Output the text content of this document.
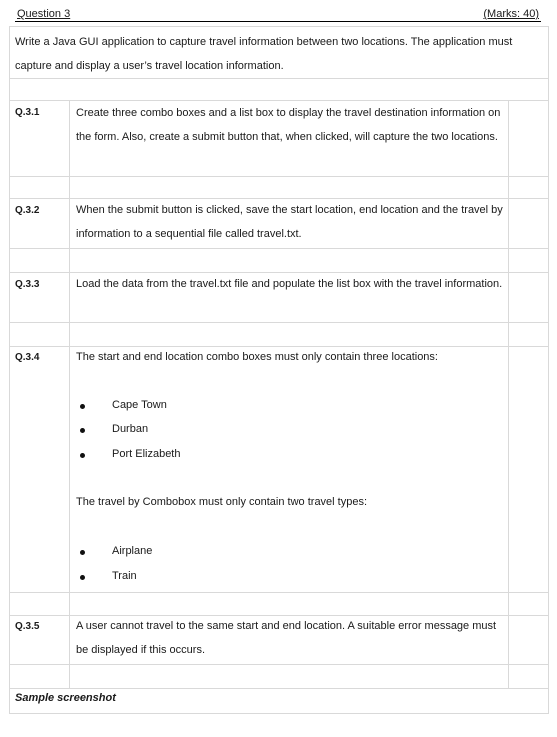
Question 3	(Marks: 40)
Write a Java GUI application to capture travel information between two locations. The application must capture and display a user’s travel location information.
Q.3.1	Create three combo boxes and a list box to display the travel destination information on the form. Also, create a submit button that, when clicked, will capture the two locations.
Q.3.2	When the submit button is clicked, save the start location, end location and the travel by information to a sequential file called travel.txt.
Q.3.3	Load the data from the travel.txt file and populate the list box with the travel information.
Q.3.4	The start and end location combo boxes must only contain three locations:
Cape Town
Durban
Port Elizabeth
The travel by Combobox must only contain two travel types:
Airplane
Train
Q.3.5	A user cannot travel to the same start and end location. A suitable error message must be displayed if this occurs.
Sample screenshot
